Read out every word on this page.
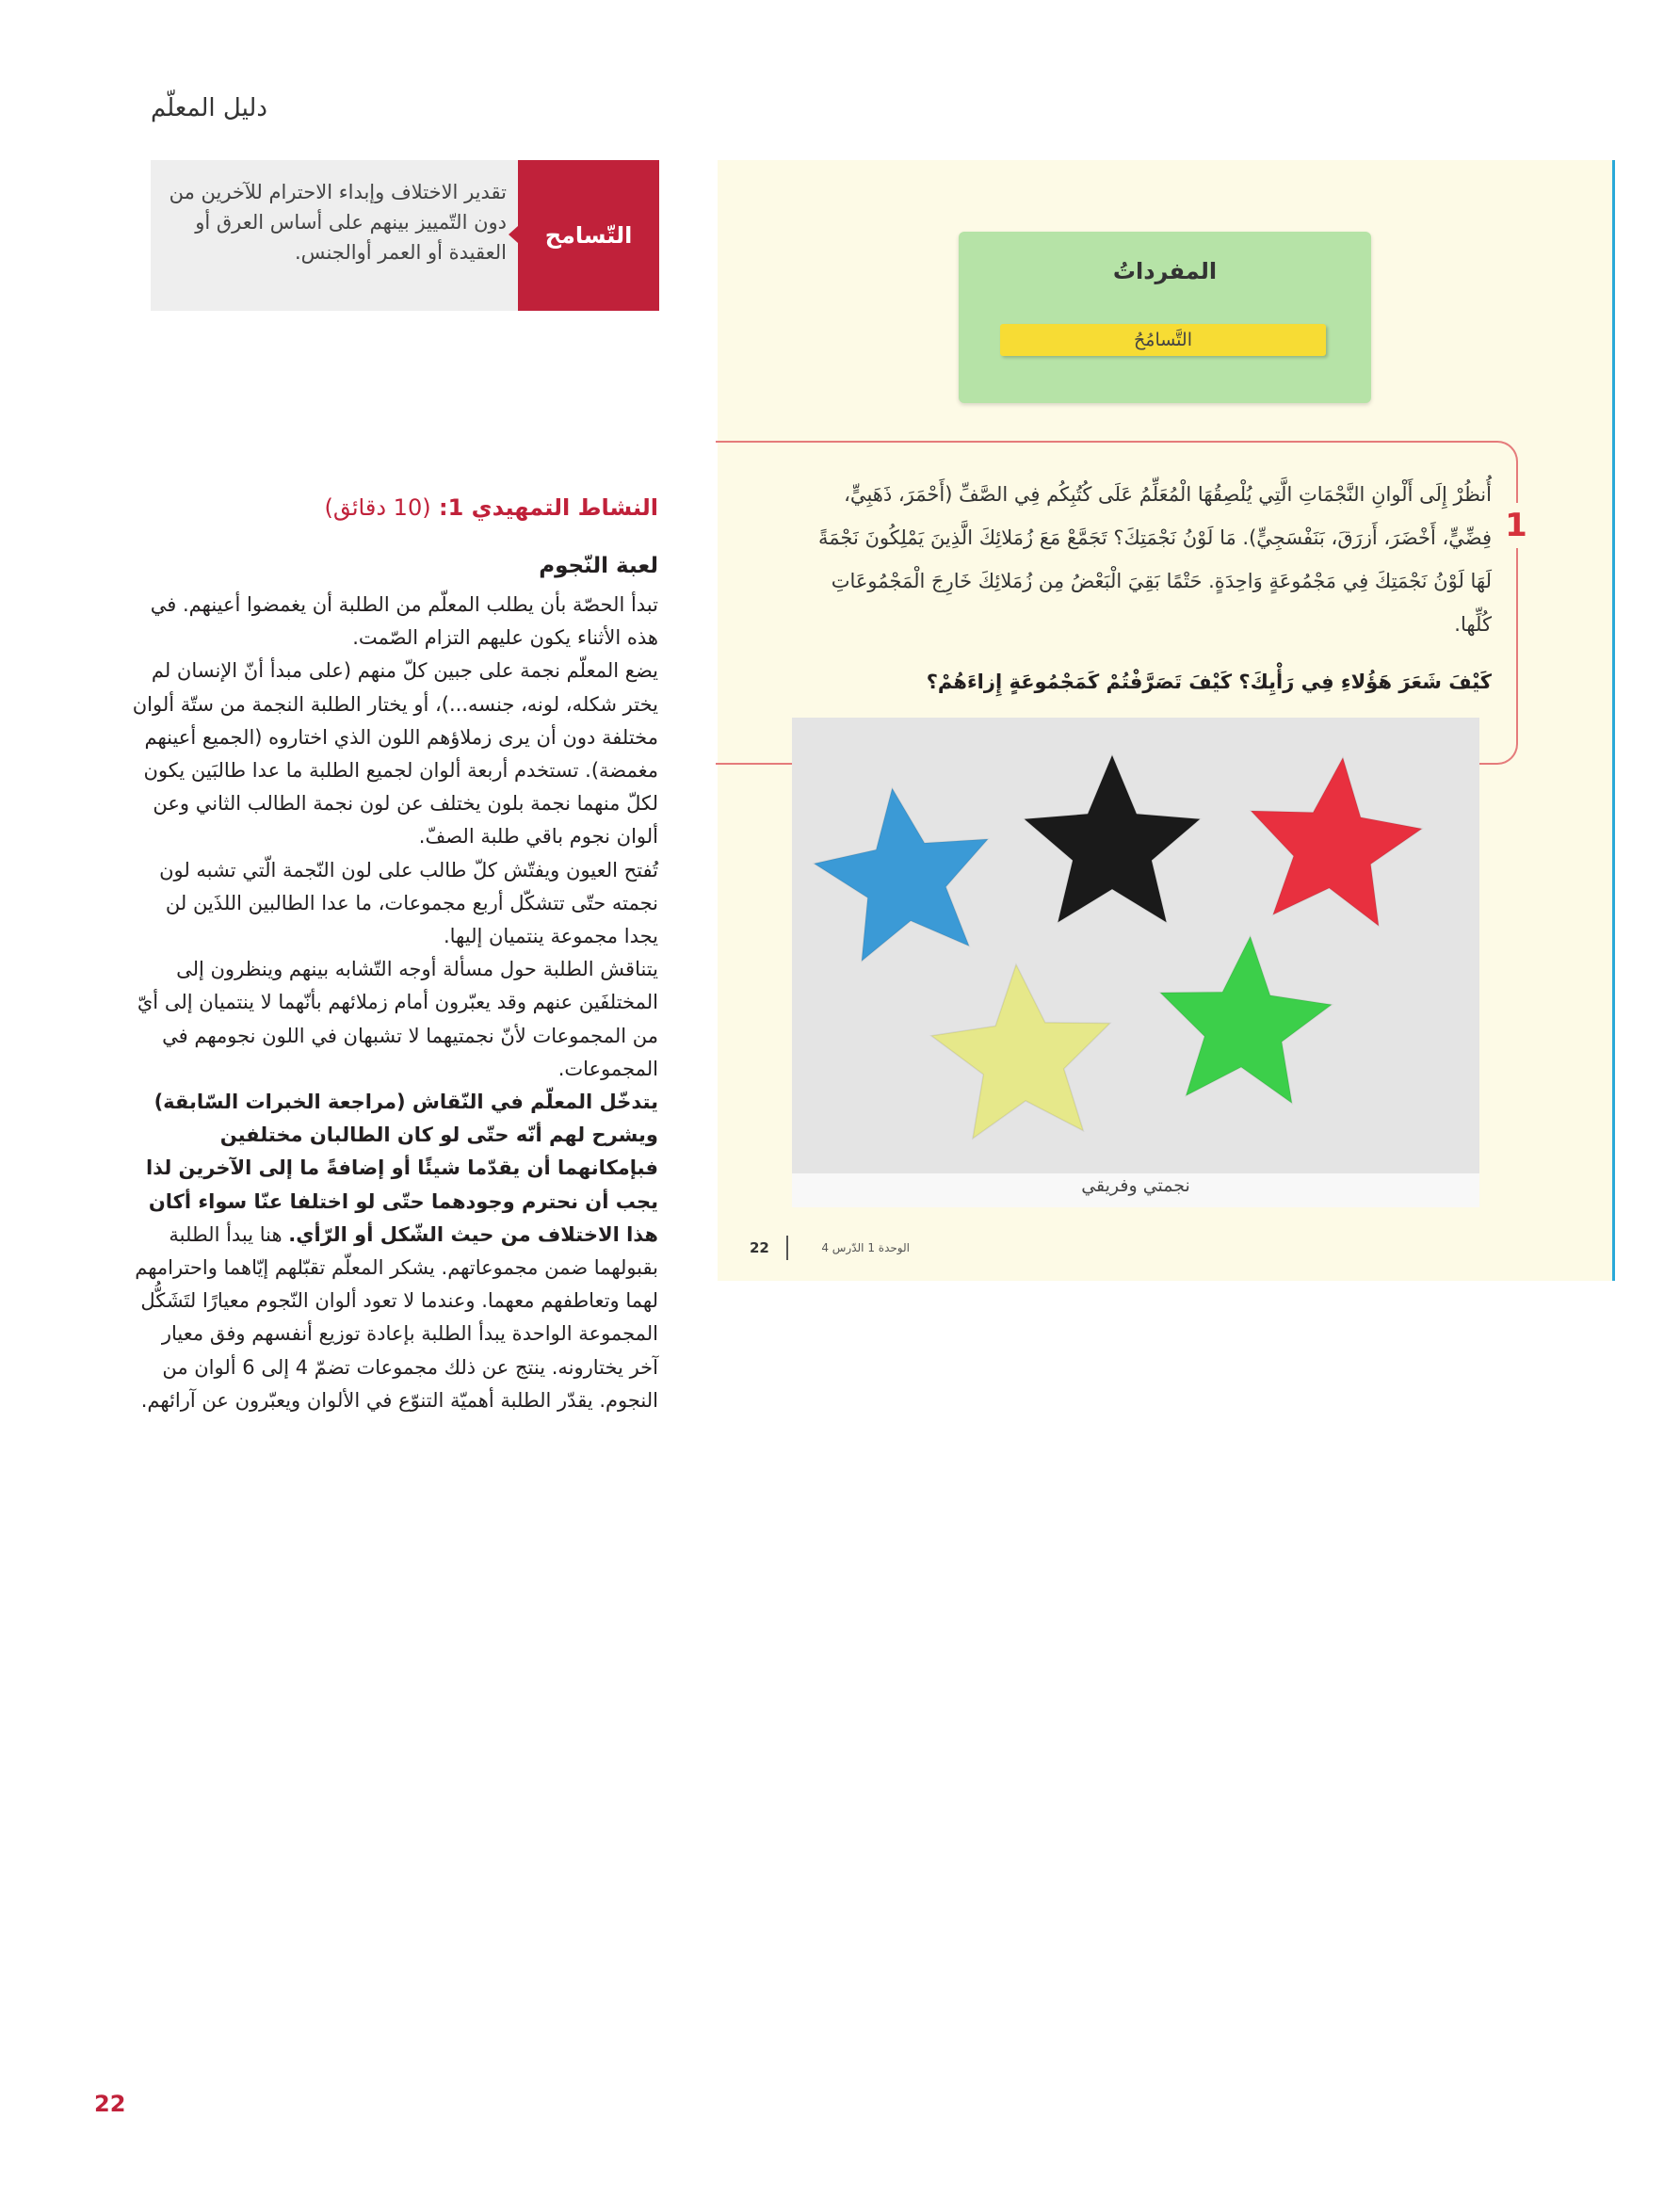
دليل المعلّم
التّسامح
تقدير الاختلاف وإبداء الاحترام للآخرين من دون التّمييز بينهم على أساس العرق أو العقيدة أو العمر أوالجنس.
النشاط التمهيدي 1: (10 دقائق)
لعبة النّجوم

تبدأ الحصّة بأن يطلب المعلّم من الطلبة أن يغمضوا أعينهم. في هذه الأثناء يكون عليهم التزام الصّمت.

يضع المعلّم نجمة على جبين كلّ منهم (على مبدأ أنّ الإنسان لم يختر شكله، لونه، جنسه...)، أو يختار الطلبة النجمة من ستّة ألوان مختلفة دون أن يرى زملاؤهم اللون الذي اختاروه (الجميع أعينهم مغمضة). تستخدم أربعة ألوان لجميع الطلبة ما عدا طالبَين يكون لكلّ منهما نجمة بلون يختلف عن لون نجمة الطالب الثاني وعن ألوان نجوم باقي طلبة الصفّ.

تُفتح العيون ويفتّش كلّ طالب على لون النّجمة الّتي تشبه لون نجمته حتّى تتشكّل أربع مجموعات، ما عدا الطالبين اللذَين لن يجدا مجموعة ينتميان إليها.

يتناقش الطلبة حول مسألة أوجه التّشابه بينهم وينظرون إلى المختلفَين عنهم وقد يعبّرون أمام زملائهم بأنّهما لا ينتميان إلى أيّ من المجموعات لأنّ نجمتيهما لا تشبهان في اللون نجومهم في المجموعات.

يتدخّل المعلّم في النّقاش (مراجعة الخبرات السّابقة) ويشرح لهم أنّه حتّى لو كان الطالبان مختلفين فبإمكانهما أن يقدّما شيئًا أو إضافةً ما إلى الآخرين لذا يجب أن نحترم وجودهما حتّى لو اختلفا عنّا سواء أكان هذا الاختلاف من حيث الشّكل أو الرّأي. هنا يبدأ الطلبة بقبولهما ضمن مجموعاتهم. يشكر المعلّم تقبّلهم إيّاهما واحترامهم لهما وتعاطفهم معهما. وعندما لا تعود ألوان النّجوم معيارًا لتَشَكُّل المجموعة الواحدة يبدأ الطلبة بإعادة توزيع أنفسهم وفق معيار آخر يختارونه. ينتج عن ذلك مجموعات تضمّ 4 إلى 6 ألوان من النجوم. يقدّر الطلبة أهميّة التنوّع في الألوان ويعبّرون عن آرائهم.

المفرداتُ
التَّسامُحُ
1
أُنظُرْ إِلَى أَلْوانِ النَّجْمَاتِ الَّتِي يُلْصِقُهَا الْمُعَلِّمُ عَلَى كُتُبِكُم فِي الصَّفِّ (أَحْمَرَ، ذَهَبِيٍّ، فِضِّيٍّ، أَخْضَرَ، أَزرَقَ، بَنَفْسَجِيٍّ). مَا لَوْنُ نَجْمَتِكَ؟ تَجَمَّعْ مَعَ زُمَلائِكَ الَّذِينَ يَمْلِكُونَ نَجْمَةً لَهَا لَوْنُ نَجْمَتِكَ فِي مَجْمُوعَةٍ وَاحِدَةٍ. حَتْمًا بَقِيَ الْبَعْضُ مِن زُمَلائِكَ خَارِجَ الْمَجْمُوعَاتِ كُلِّها.
كَيْفَ شَعَرَ هَؤُلاءِ فِي رَأْيِكَ؟ كَيْفَ تَصَرَّفْتُمْ كَمَجْمُوعَةٍ إِزاءَهُمْ؟
نجمتي وفريقي
22	الوحدة 1 الدّرس 4
22
